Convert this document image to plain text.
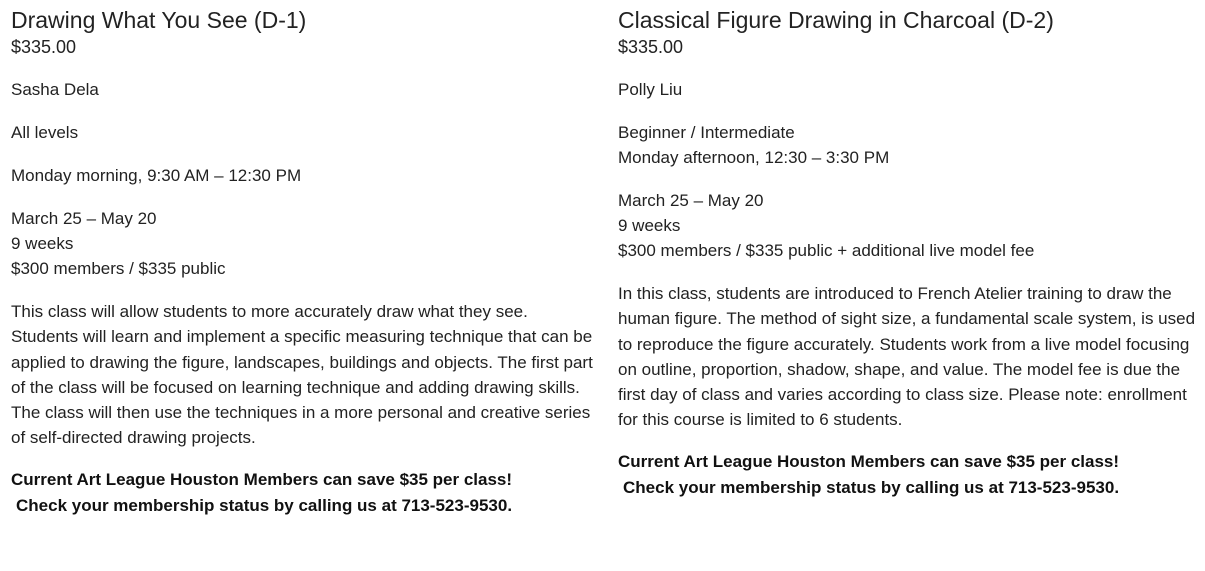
Drawing What You See (D-1)

$335.00

Sasha Dela

All levels

Monday morning, 9:30 AM – 12:30 PM

March 25 – May 20
9 weeks
$300 members / $335 public

This class will allow students to more accurately draw what they see. Students will learn and implement a specific measuring technique that can be applied to drawing the figure, landscapes, buildings and objects. The first part of the class will be focused on learning technique and adding drawing skills. The class will then use the techniques in a more personal and creative series of self-directed drawing projects.

Current Art League Houston Members can save $35 per class!
Check your membership status by calling us at 713-523-9530.

Classical Figure Drawing in Charcoal (D-2)

$335.00

Polly Liu

Beginner / Intermediate

Monday afternoon, 12:30 – 3:30 PM

March 25 – May 20
9 weeks
$300 members / $335 public + additional live model fee

In this class, students are introduced to French Atelier training to draw the human figure. The method of sight size, a fundamental scale system, is used to reproduce the figure accurately. Students work from a live model focusing on outline, proportion, shadow, shape, and value. The model fee is due the first day of class and varies according to class size. Please note: enrollment for this course is limited to 6 students.

Current Art League Houston Members can save $35 per class!
Check your membership status by calling us at 713-523-9530.
